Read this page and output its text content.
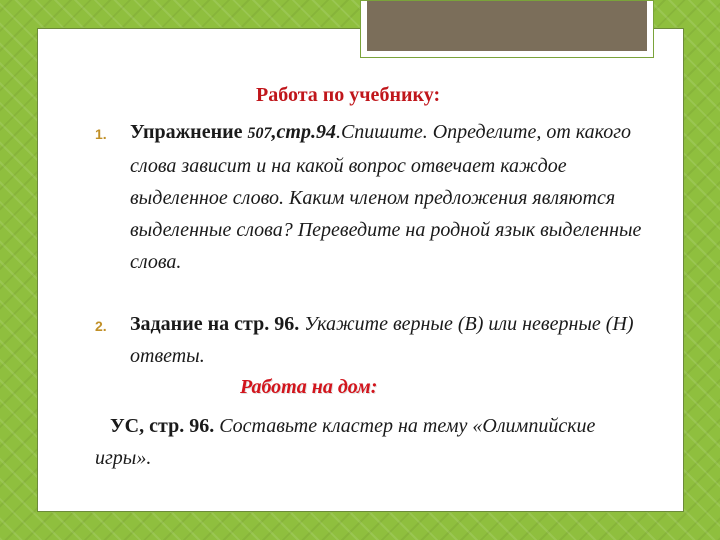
Работа по учебнику:
1. Упражнение 507,стр.94.Спишите. Определите, от какого слова зависит и на какой вопрос отвечает каждое выделенное слово. Каким членом предложения являются выделенные слова? Переведите на родной язык выделенные слова.
2. Задание на стр. 96. Укажите верные (В) или неверные (Н) ответы.
Работа на дом:
УС, стр. 96. Составьте кластер на тему «Олимпийские игры».
